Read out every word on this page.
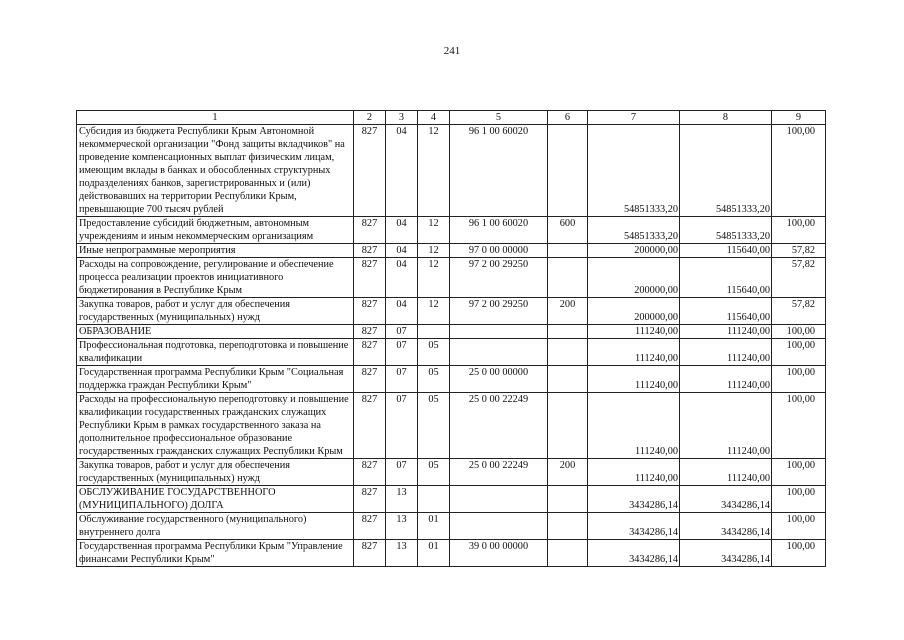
241
1	2	3	4	5	6	7	8	9
Субсидия из бюджета Республики Крым Автономной некоммерческой организации "Фонд защиты вкладчиков" на проведение компенсационных выплат физическим лицам, имеющим вклады в банках и обособленных структурных подразделениях банков, зарегистрированных и (или) действовавших на территории Республики Крым, превышающие 700 тысяч рублей	827	04	12	96 1 00 60020		54851333,20	54851333,20	100,00
Предоставление субсидий бюджетным, автономным учреждениям и иным некоммерческим организациям	827	04	12	96 1 00 60020	600	54851333,20	54851333,20	100,00
Иные непрограммные мероприятия	827	04	12	97 0 00 00000		200000,00	115640,00	57,82
Расходы на сопровождение, регулирование и обеспечение процесса реализации проектов инициативного бюджетирования в Республике Крым	827	04	12	97 2 00 29250		200000,00	115640,00	57,82
Закупка товаров, работ и услуг для обеспечения государственных (муниципальных) нужд	827	04	12	97 2 00 29250	200	200000,00	115640,00	57,82
ОБРАЗОВАНИЕ	827	07				111240,00	111240,00	100,00
Профессиональная подготовка, переподготовка и повышение квалификации	827	07	05			111240,00	111240,00	100,00
Государственная программа Республики Крым "Социальная поддержка граждан Республики Крым"	827	07	05	25 0 00 00000		111240,00	111240,00	100,00
Расходы на профессиональную переподготовку и повышение квалификации государственных гражданских служащих Республики Крым в рамках государственного заказа на дополнительное профессиональное образование государственных гражданских служащих Республики Крым	827	07	05	25 0 00 22249		111240,00	111240,00	100,00
Закупка товаров, работ и услуг для обеспечения государственных (муниципальных) нужд	827	07	05	25 0 00 22249	200	111240,00	111240,00	100,00
ОБСЛУЖИВАНИЕ ГОСУДАРСТВЕННОГО (МУНИЦИПАЛЬНОГО) ДОЛГА	827	13				3434286,14	3434286,14	100,00
Обслуживание государственного (муниципального) внутреннего долга	827	13	01			3434286,14	3434286,14	100,00
Государственная программа Республики Крым "Управление финансами Республики Крым"	827	13	01	39 0 00 00000		3434286,14	3434286,14	100,00
